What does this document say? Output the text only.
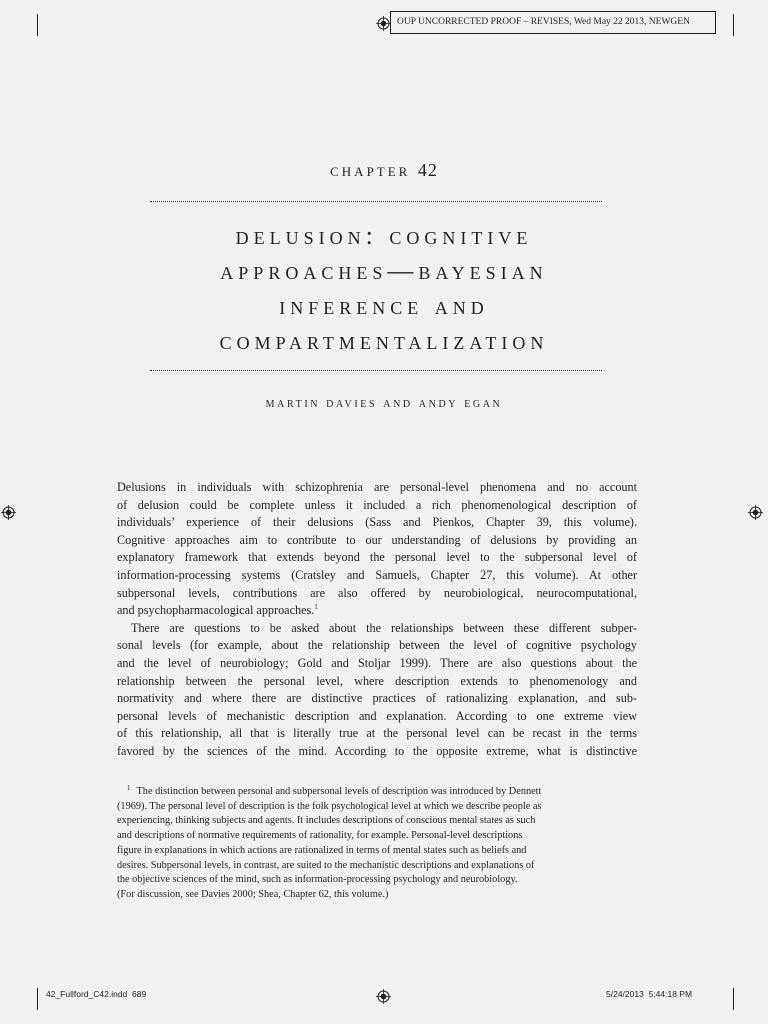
OUP UNCORRECTED PROOF – REVISES, Wed May 22 2013, NEWGEN
chapter 42
delusion: cognitive
approaches—bayesian
inference and
compartmentalization
martin davies and andy egan

Delusions in individuals with schizophrenia are personal-level phenomena and no account
of delusion could be complete unless it included a rich phenomenological description of
individuals’ experience of their delusions (Sass and Pienkos, Chapter 39, this volume).
Cognitive approaches aim to contribute to our understanding of delusions by providing an
explanatory framework that extends beyond the personal level to the subpersonal level of
information-processing systems (Cratsley and Samuels, Chapter 27, this volume). At other
subpersonal levels, contributions are also offered by neurobiological, neurocomputational,
and psychopharmacological approaches.$^1$

There are questions to be asked about the relationships between these different subper-
sonal levels (for example, about the relationship between the level of cognitive psychology
and the level of neurobiology; Gold and Stoljar 1999). There are also questions about the
relationship between the personal level, where description extends to phenomenology and
normativity and where there are distinctive practices of rationalizing explanation, and sub-
personal levels of mechanistic description and explanation. According to one extreme view
of this relationship, all that is literally true at the personal level can be recast in the terms
favored by the sciences of the mind. According to the opposite extreme, what is distinctive

$^1$ The distinction between personal and subpersonal levels of description was introduced by Dennett
(1969). The personal level of description is the folk psychological level at which we describe people as
experiencing, thinking subjects and agents. It includes descriptions of conscious mental states as such
and descriptions of normative requirements of rationality, for example. Personal-level descriptions
figure in explanations in which actions are rationalized in terms of mental states such as beliefs and
desires. Subpersonal levels, in contrast, are suited to the mechanistic descriptions and explanations of
the objective sciences of the mind, such as information-processing psychology and neurobiology.
(For discussion, see Davies 2000; Shea, Chapter 62, this volume.)
42_Fullford_C42.indd 689	5/24/2013 5:44:18 PM
